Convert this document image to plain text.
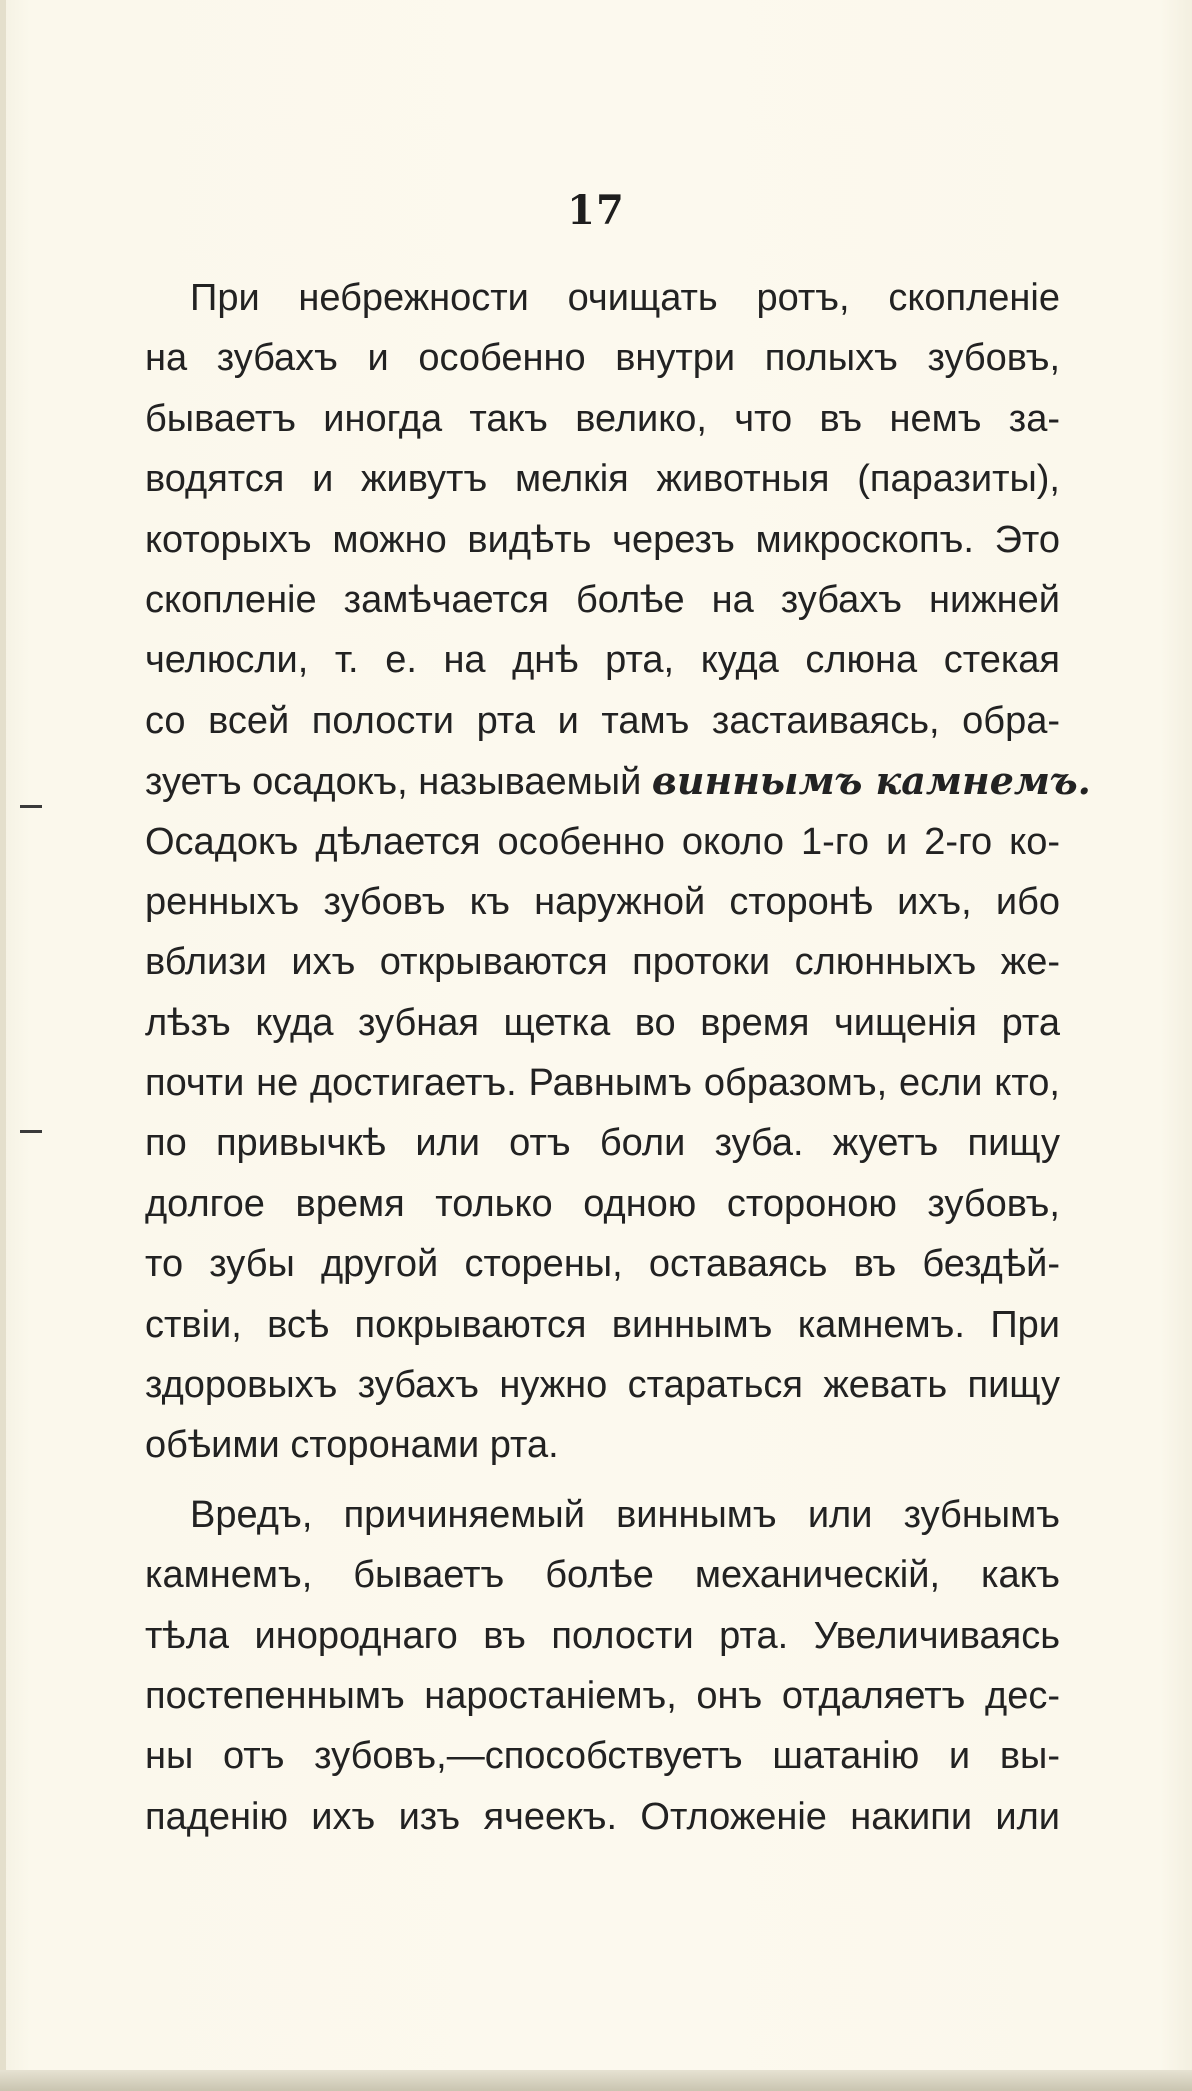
17
При небрежности очищать ротъ, скопленіе
на зубахъ и особенно внутри полыхъ зубовъ,
бываетъ иногда такъ велико, что въ немъ за-
водятся и живутъ мелкія животныя (паразиты),
которыхъ можно видѣть черезъ микроскопъ. Это
скопленіе замѣчается болѣе на зубахъ нижней
челюсли, т. е. на днѣ рта, куда слюна стекая
со всей полости рта и тамъ застаиваясь, обра-
зуетъ осадокъ, называемый виннымъ камнемъ.
Осадокъ дѣлается особенно около 1-го и 2-го ко-
ренныхъ зубовъ къ наружной сторонѣ ихъ, ибо
вблизи ихъ открываются протоки слюнныхъ же-
лѣзъ куда зубная щетка во время чищенія рта
почти не достигаетъ. Равнымъ образомъ, если кто,
по привычкѣ или отъ боли зуба. жуетъ пищу
долгое время только одною стороною зубовъ,
то зубы другой сторены, оставаясь въ бездѣй-
ствіи, всѣ покрываются виннымъ камнемъ. При
здоровыхъ зубахъ нужно стараться жевать пищу
обѣими сторонами рта.
Вредъ, причиняемый виннымъ или зубнымъ
камнемъ, бываетъ болѣе механическій, какъ
тѣла инороднаго въ полости рта. Увеличиваясь
постепеннымъ наростаніемъ, онъ отдаляетъ дес-
ны отъ зубовъ,—способствуетъ шатанію и вы-
паденію ихъ изъ ячеекъ. Отложеніе накипи или
